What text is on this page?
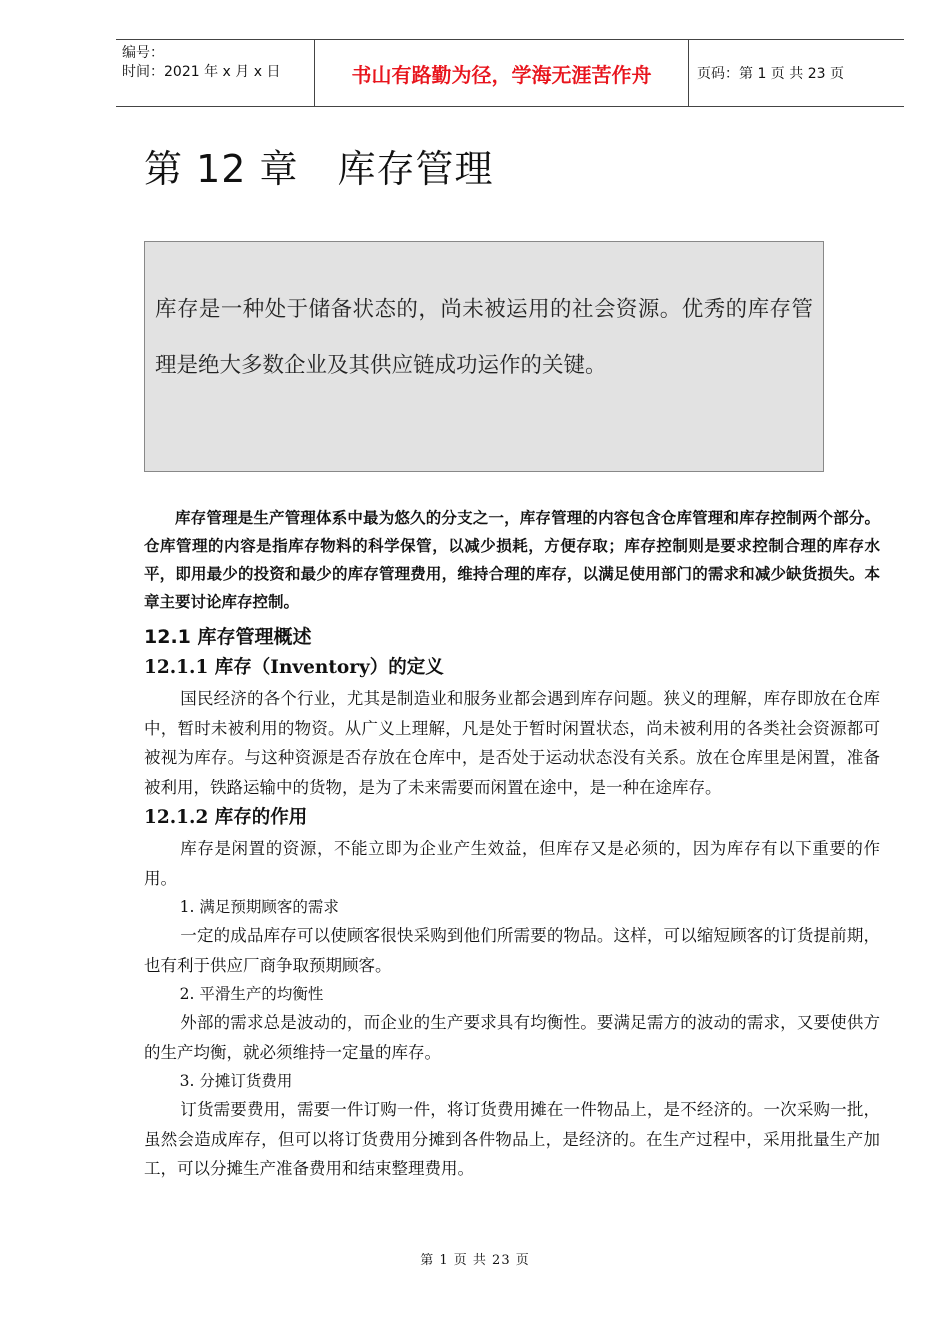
编号：
时间：2021 年 x 月 x 日	书山有路勤为径，学海无涯苦作舟	页码：第 1 页 共 23 页
第 12 章　库存管理
库存是一种处于储备状态的，尚未被运用的社会资源。优秀的库存管理是绝大多数企业及其供应链成功运作的关键。

库存管理是生产管理体系中最为悠久的分支之一，库存管理的内容包含仓库管理和库存控制两个部分。仓库管理的内容是指库存物料的科学保管，以减少损耗，方便存取；库存控制则是要求控制合理的库存水平，即用最少的投资和最少的库存管理费用，维持合理的库存，以满足使用部门的需求和减少缺货损失。本章主要讨论库存控制。

12.1 库存管理概述
12.1.1 库存（Inventory）的定义

国民经济的各个行业，尤其是制造业和服务业都会遇到库存问题。狭义的理解，库存即放在仓库中，暂时未被利用的物资。从广义上理解，凡是处于暂时闲置状态，尚未被利用的各类社会资源都可被视为库存。与这种资源是否存放在仓库中，是否处于运动状态没有关系。放在仓库里是闲置，准备被利用，铁路运输中的货物，是为了未来需要而闲置在途中，是一种在途库存。

12.1.2 库存的作用

库存是闲置的资源，不能立即为企业产生效益，但库存又是必须的，因为库存有以下重要的作用。

1. 满足预期顾客的需求

一定的成品库存可以使顾客很快采购到他们所需要的物品。这样，可以缩短顾客的订货提前期，也有利于供应厂商争取预期顾客。

2. 平滑生产的均衡性

外部的需求总是波动的，而企业的生产要求具有均衡性。要满足需方的波动的需求，又要使供方的生产均衡，就必须维持一定量的库存。

3. 分摊订货费用

订货需要费用，需要一件订购一件，将订货费用摊在一件物品上，是不经济的。一次采购一批，虽然会造成库存，但可以将订货费用分摊到各件物品上，是经济的。在生产过程中，采用批量生产加工，可以分摊生产准备费用和结束整理费用。

第 1 页 共 23 页
